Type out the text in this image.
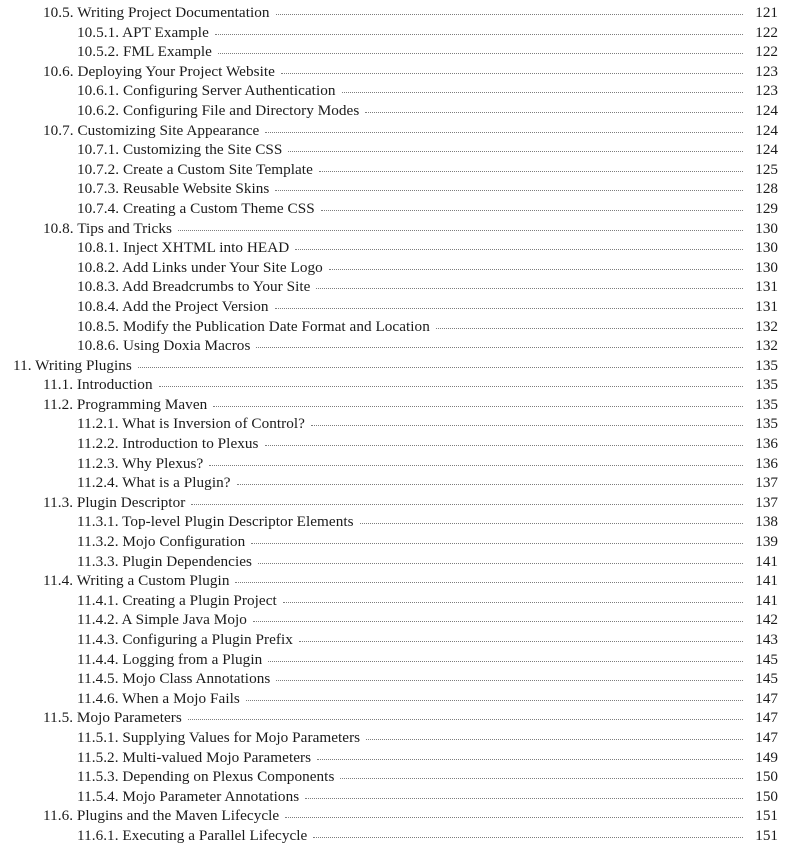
10.5. Writing Project Documentation	121
10.5.1. APT Example	122
10.5.2. FML Example	122
10.6. Deploying Your Project Website	123
10.6.1. Configuring Server Authentication	123
10.6.2. Configuring File and Directory Modes	124
10.7. Customizing Site Appearance	124
10.7.1. Customizing the Site CSS	124
10.7.2. Create a Custom Site Template	125
10.7.3. Reusable Website Skins	128
10.7.4. Creating a Custom Theme CSS	129
10.8. Tips and Tricks	130
10.8.1. Inject XHTML into HEAD	130
10.8.2. Add Links under Your Site Logo	130
10.8.3. Add Breadcrumbs to Your Site	131
10.8.4. Add the Project Version	131
10.8.5. Modify the Publication Date Format and Location	132
10.8.6. Using Doxia Macros	132
11. Writing Plugins	135
11.1. Introduction	135
11.2. Programming Maven	135
11.2.1. What is Inversion of Control?	135
11.2.2. Introduction to Plexus	136
11.2.3. Why Plexus?	136
11.2.4. What is a Plugin?	137
11.3. Plugin Descriptor	137
11.3.1. Top-level Plugin Descriptor Elements	138
11.3.2. Mojo Configuration	139
11.3.3. Plugin Dependencies	141
11.4. Writing a Custom Plugin	141
11.4.1. Creating a Plugin Project	141
11.4.2. A Simple Java Mojo	142
11.4.3. Configuring a Plugin Prefix	143
11.4.4. Logging from a Plugin	145
11.4.5. Mojo Class Annotations	145
11.4.6. When a Mojo Fails	147
11.5. Mojo Parameters	147
11.5.1. Supplying Values for Mojo Parameters	147
11.5.2. Multi-valued Mojo Parameters	149
11.5.3. Depending on Plexus Components	150
11.5.4. Mojo Parameter Annotations	150
11.6. Plugins and the Maven Lifecycle	151
11.6.1. Executing a Parallel Lifecycle	151
